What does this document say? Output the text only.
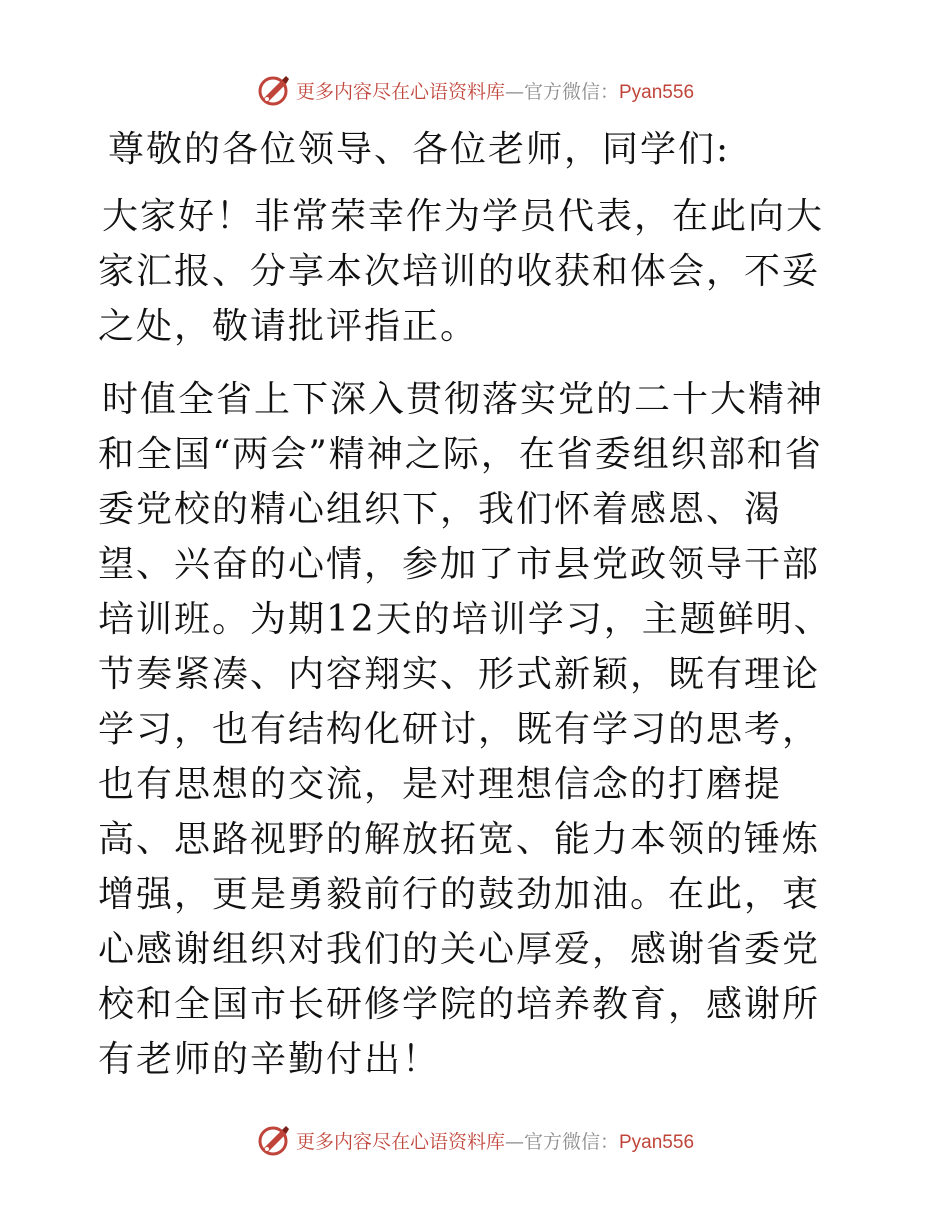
更多内容尽在心语资料库—官方微信：Pyan556

尊敬的各位领导、各位老师，同学们:

大家好！非常荣幸作为学员代表，在此向大家汇报、分享本次培训的收获和体会，不妥之处，敬请批评指正。

时值全省上下深入贯彻落实党的二十大精神和全国“两会”精神之际，在省委组织部和省委党校的精心组织下，我们怀着感恩、渴望、兴奋的心情，参加了市县党政领导干部培训班。为期12天的培训学习，主题鲜明、节奏紧凑、内容翔实、形式新颖，既有理论学习，也有结构化研讨，既有学习的思考，也有思想的交流，是对理想信念的打磨提高、思路视野的解放拓宽、能力本领的锤炼增强，更是勇毅前行的鼓劲加油。在此，衷心感谢组织对我们的关心厚爱，感谢省委党校和全国市长研修学院的培养教育，感谢所有老师的辛勤付出！

更多内容尽在心语资料库—官方微信：Pyan556
